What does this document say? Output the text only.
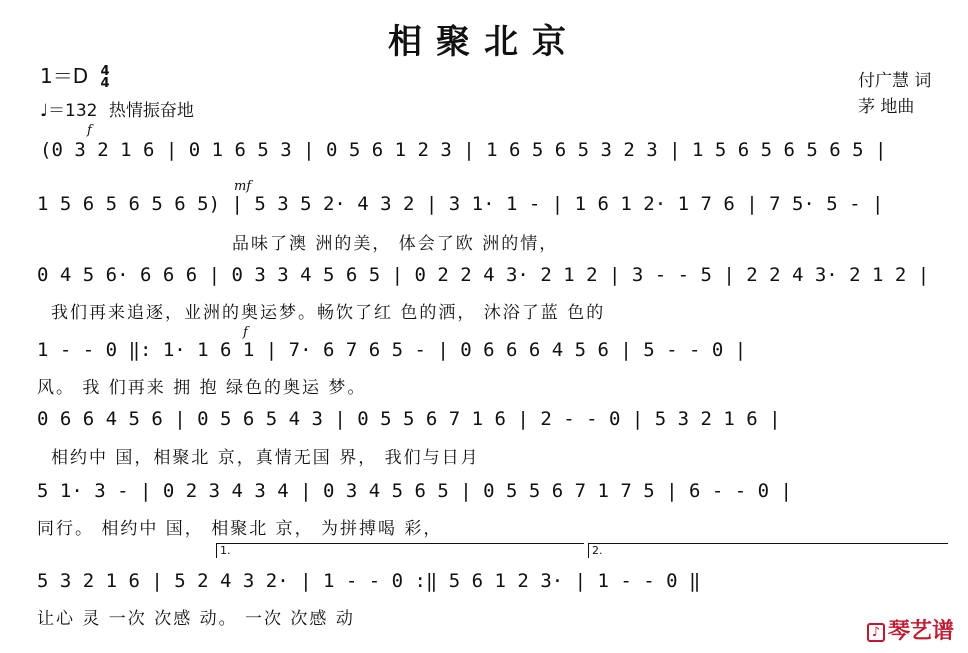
相聚北京
1＝D 4
4
♩＝132 热情振奋地
付广慧 词
茅 地曲
f
mf
f
(0 3 2 1 6 | 0 1 6 5 3 | 0 5 6 1 2 3 | 1 6 5 6 5 3 2 3 | 1 5 6 5 6 5 6 5 |
1 5 6 5 6 5 6 5) | 5 3 5 2· 4 3 2 | 3 1· 1 - | 1 6 1 2· 1 7 6 | 7 5· 5 - |
品味了澳 洲的美， 体会了欧 洲的情，
0 4 5 6· 6 6 6 | 0 3 3 4 5 6 5 | 0 2 2 4 3· 2 1 2 | 3 - - 5 | 2 2 4 3· 2 1 2 |
我们再来追逐，业洲的奥运梦。畅饮了红 色的洒， 沐浴了蓝 色的
1 - - 0 ‖: 1· 1 6 1 | 7· 6 7 6 5 - | 0 6 6 6 4 5 6 | 5 - - 0 |
风。 我 们再来 拥 抱 绿色的奥运 梦。
0 6 6 4 5 6 | 0 5 6 5 4 3 | 0 5 5 6 7 1 6 | 2 - - 0 | 5 3 2 1 6 |
相约中 国，相聚北 京，真情无国 界， 我们与日月
5 1· 3 - | 0 2 3 4 3 4 | 0 3 4 5 6 5 | 0 5 5 6 7 1 7 5 | 6 - - 0 |
同行。 相约中 国， 相聚北 京， 为拼搏喝 彩，
1.	2.
5 3 2 1 6 | 5 2 4 3 2· | 1 - - 0 :‖ 5 6 1 2 3· | 1 - - 0 ‖
让心 灵 一次 次感 动。 一次 次感 动
♪ 琴艺谱
